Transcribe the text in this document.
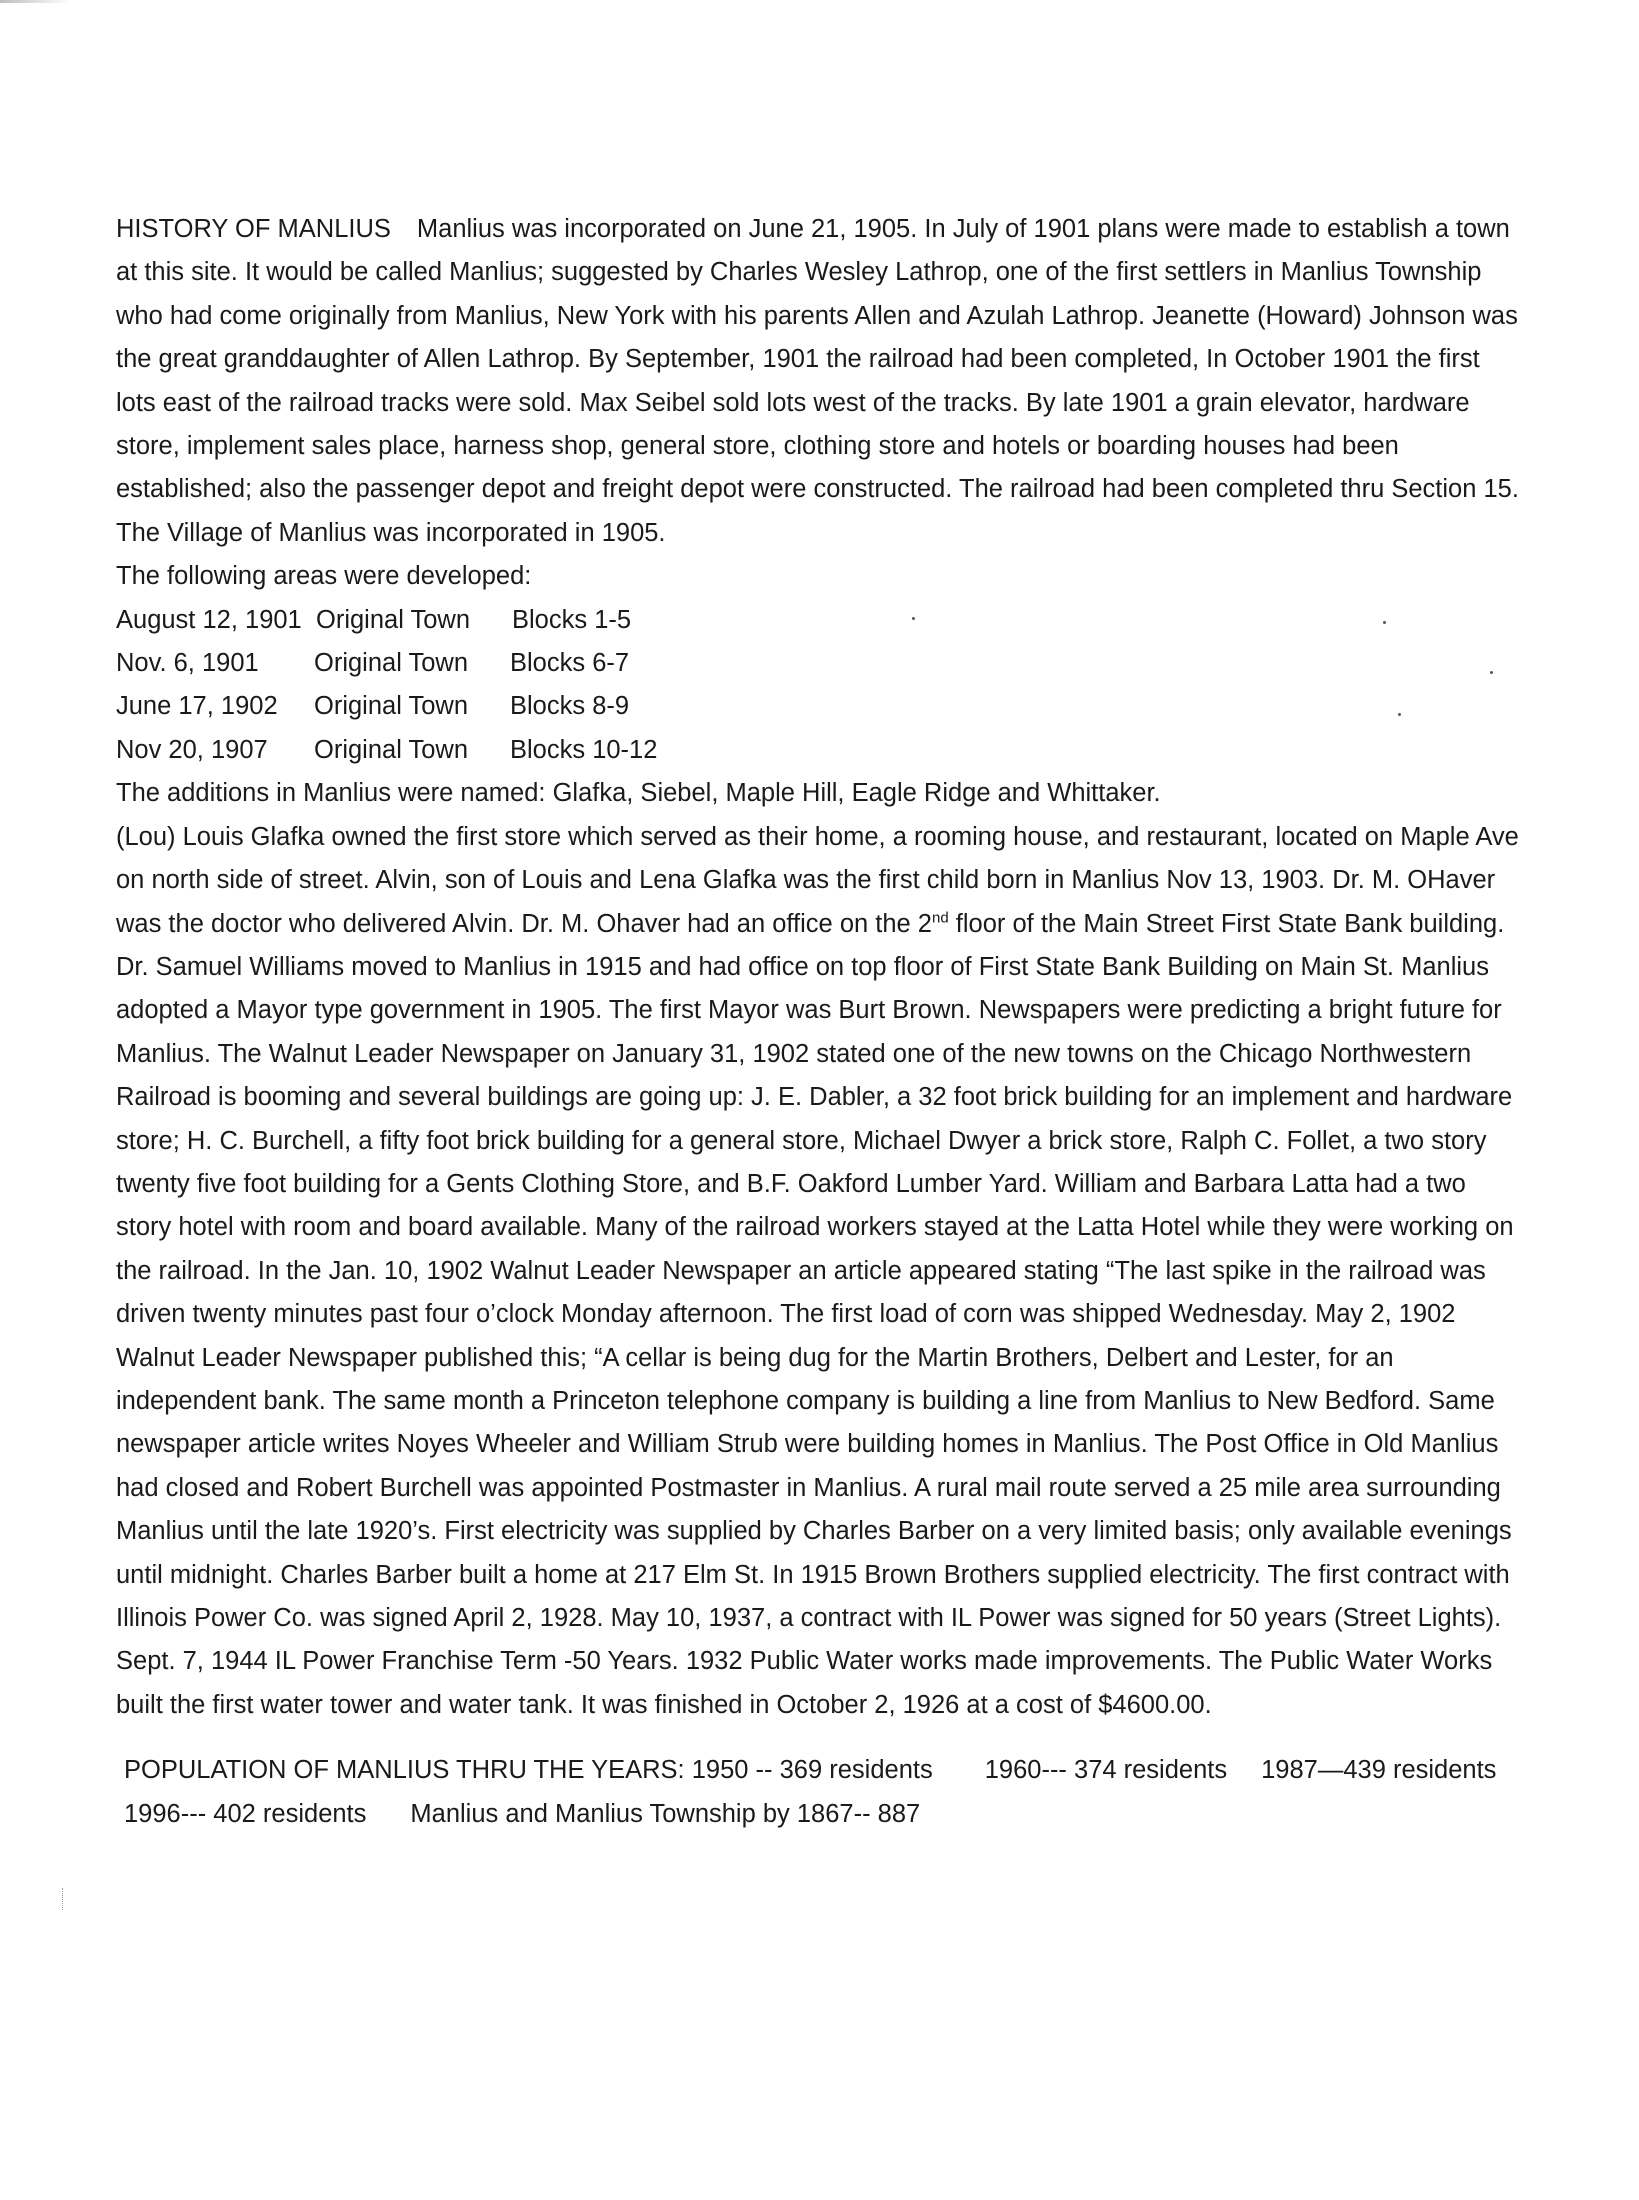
HISTORY OF MANLIUS Manlius was incorporated on June 21, 1905. In July of 1901 plans were made to establish a town at this site. It would be called Manlius; suggested by Charles Wesley Lathrop, one of the first settlers in Manlius Township who had come originally from Manlius, New York with his parents Allen and Azulah Lathrop. Jeanette (Howard) Johnson was the great granddaughter of Allen Lathrop. By September, 1901 the railroad had been completed, In October 1901 the first lots east of the railroad tracks were sold. Max Seibel sold lots west of the tracks. By late 1901 a grain elevator, hardware store, implement sales place, harness shop, general store, clothing store and hotels or boarding houses had been established; also the passenger depot and freight depot were constructed. The railroad had been completed thru Section 15. The Village of Manlius was incorporated in 1905.

The following areas were developed:

August 12, 1901 Original Town	Blocks 1-5
Nov. 6, 1901	Original Town	Blocks 6-7
June 17, 1902	Original Town	Blocks 8-9
Nov 20, 1907	Original Town	Blocks 10-12

The additions in Manlius were named: Glafka, Siebel, Maple Hill, Eagle Ridge and Whittaker.

(Lou) Louis Glafka owned the first store which served as their home, a rooming house, and restaurant, located on Maple Ave on north side of street. Alvin, son of Louis and Lena Glafka was the first child born in Manlius Nov 13, 1903. Dr. M. OHaver was the doctor who delivered Alvin. Dr. M. Ohaver had an office on the 2nd floor of the Main Street First State Bank building. Dr. Samuel Williams moved to Manlius in 1915 and had office on top floor of First State Bank Building on Main St. Manlius adopted a Mayor type government in 1905. The first Mayor was Burt Brown. Newspapers were predicting a bright future for Manlius. The Walnut Leader Newspaper on January 31, 1902 stated one of the new towns on the Chicago Northwestern Railroad is booming and several buildings are going up: J. E. Dabler, a 32 foot brick building for an implement and hardware store; H. C. Burchell, a fifty foot brick building for a general store, Michael Dwyer a brick store, Ralph C. Follet, a two story twenty five foot building for a Gents Clothing Store, and B.F. Oakford Lumber Yard. William and Barbara Latta had a two story hotel with room and board available. Many of the railroad workers stayed at the Latta Hotel while they were working on the railroad. In the Jan. 10, 1902 Walnut Leader Newspaper an article appeared stating “The last spike in the railroad was driven twenty minutes past four o’clock Monday afternoon. The first load of corn was shipped Wednesday. May 2, 1902 Walnut Leader Newspaper published this; “A cellar is being dug for the Martin Brothers, Delbert and Lester, for an independent bank. The same month a Princeton telephone company is building a line from Manlius to New Bedford. Same newspaper article writes Noyes Wheeler and William Strub were building homes in Manlius. The Post Office in Old Manlius had closed and Robert Burchell was appointed Postmaster in Manlius. A rural mail route served a 25 mile area surrounding Manlius until the late 1920’s. First electricity was supplied by Charles Barber on a very limited basis; only available evenings until midnight. Charles Barber built a home at 217 Elm St. In 1915 Brown Brothers supplied electricity. The first contract with Illinois Power Co. was signed April 2, 1928. May 10, 1937, a contract with IL Power was signed for 50 years (Street Lights). Sept. 7, 1944 IL Power Franchise Term -50 Years. 1932 Public Water works made improvements. The Public Water Works built the first water tower and water tank. It was finished in October 2, 1926 at a cost of $4600.00.

POPULATION OF MANLIUS THRU THE YEARS: 1950 -- 369 residents 1960--- 374 residents 1987—439 residents
1996--- 402 residents Manlius and Manlius Township by 1867-- 887
